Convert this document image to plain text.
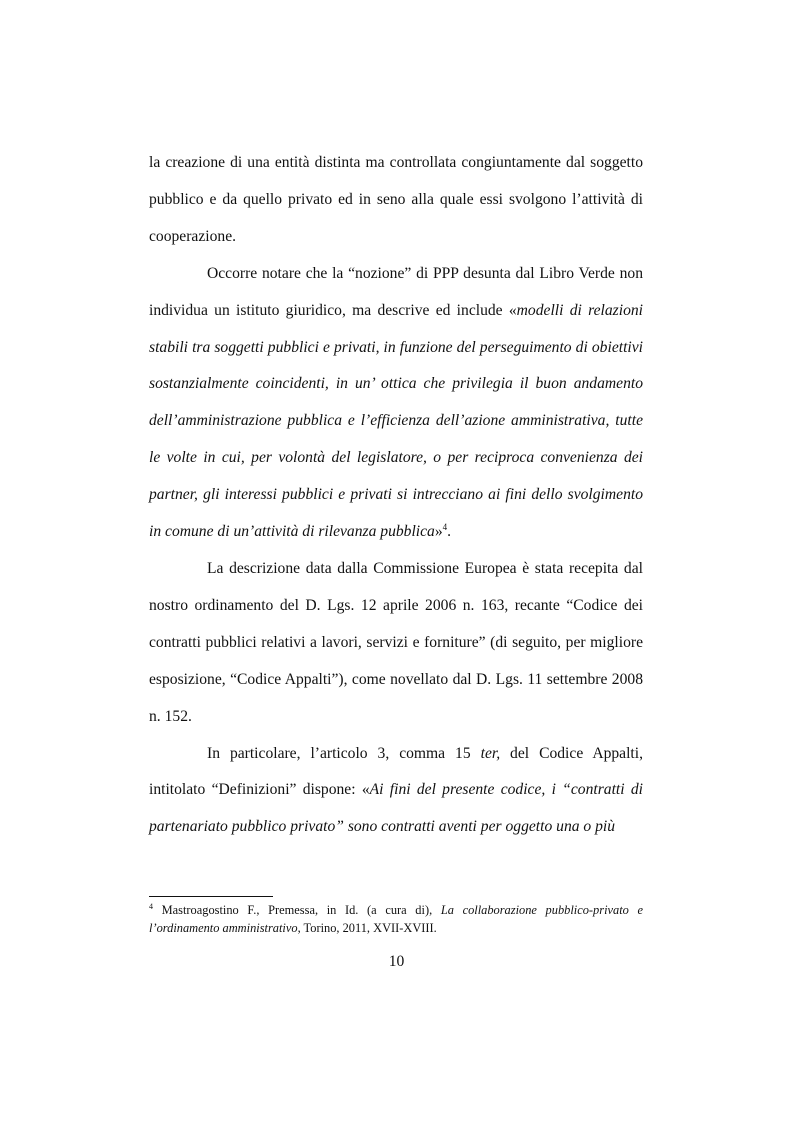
la creazione di una entità distinta ma controllata congiuntamente dal soggetto pubblico e da quello privato ed in seno alla quale essi svolgono l’attività di cooperazione.

Occorre notare che la “nozione” di PPP desunta dal Libro Verde non individua un istituto giuridico, ma descrive ed include «modelli di relazioni stabili tra soggetti pubblici e privati, in funzione del perseguimento di obiettivi sostanzialmente coincidenti, in un’ ottica che privilegia il buon andamento dell’amministrazione pubblica e l’efficienza dell’azione amministrativa, tutte le volte in cui, per volontà del legislatore, o per reciproca convenienza dei partner, gli interessi pubblici e privati si intrecciano ai fini dello svolgimento in comune di un’attività di rilevanza pubblica»$^4$.

La descrizione data dalla Commissione Europea è stata recepita dal nostro ordinamento del D. Lgs. 12 aprile 2006 n. 163, recante “Codice dei contratti pubblici relativi a lavori, servizi e forniture” (di seguito, per migliore esposizione, “Codice Appalti”), come novellato dal D. Lgs. 11 settembre 2008 n. 152.

In particolare, l’articolo 3, comma 15 ter, del Codice Appalti, intitolato “Definizioni” dispone: «Ai fini del presente codice, i “contratti di partenariato pubblico privato” sono contratti aventi per oggetto una o più

$^4$ Mastroagostino F., Premessa, in Id. (a cura di), La collaborazione pubblico-privato e l’ordinamento amministrativo, Torino, 2011, XVII-XVIII.
10
